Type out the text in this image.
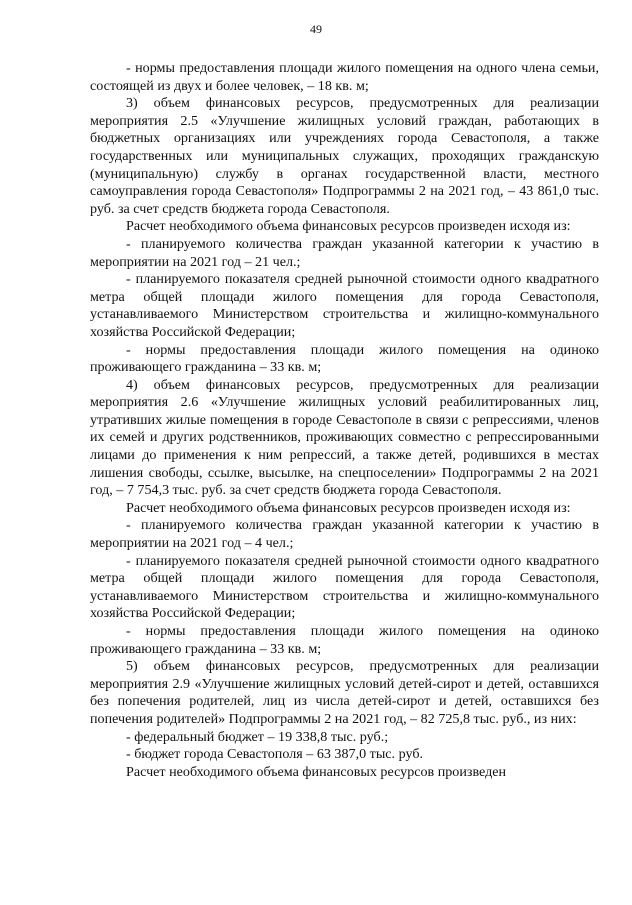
49

- нормы предоставления площади жилого помещения на одного члена семьи, состоящей из двух и более человек, – 18 кв. м;

3) объем финансовых ресурсов, предусмотренных для реализации мероприятия 2.5 «Улучшение жилищных условий граждан, работающих в бюджетных организациях или учреждениях города Севастополя, а также государственных или муниципальных служащих, проходящих гражданскую (муниципальную) службу в органах государственной власти, местного самоуправления города Севастополя» Подпрограммы 2 на 2021 год, – 43 861,0 тыс. руб. за счет средств бюджета города Севастополя.

Расчет необходимого объема финансовых ресурсов произведен исходя из:

- планируемого количества граждан указанной категории к участию в мероприятии на 2021 год – 21 чел.;

- планируемого показателя средней рыночной стоимости одного квадратного метра общей площади жилого помещения для города Севастополя, устанавливаемого Министерством строительства и жилищно-коммунального хозяйства Российской Федерации;

- нормы предоставления площади жилого помещения на одиноко проживающего гражданина – 33 кв. м;

4) объем финансовых ресурсов, предусмотренных для реализации мероприятия 2.6 «Улучшение жилищных условий реабилитированных лиц, утративших жилые помещения в городе Севастополе в связи с репрессиями, членов их семей и других родственников, проживающих совместно с репрессированными лицами до применения к ним репрессий, а также детей, родившихся в местах лишения свободы, ссылке, высылке, на спецпоселении» Подпрограммы 2 на 2021 год, – 7 754,3 тыс. руб. за счет средств бюджета города Севастополя.

Расчет необходимого объема финансовых ресурсов произведен исходя из:

- планируемого количества граждан указанной категории к участию в мероприятии на 2021 год – 4 чел.;

- планируемого показателя средней рыночной стоимости одного квадратного метра общей площади жилого помещения для города Севастополя, устанавливаемого Министерством строительства и жилищно-коммунального хозяйства Российской Федерации;

- нормы предоставления площади жилого помещения на одиноко проживающего гражданина – 33 кв. м;

5) объем финансовых ресурсов, предусмотренных для реализации мероприятия 2.9 «Улучшение жилищных условий детей-сирот и детей, оставшихся без попечения родителей, лиц из числа детей-сирот и детей, оставшихся без попечения родителей» Подпрограммы 2 на 2021 год, – 82 725,8 тыс. руб., из них:

- федеральный бюджет – 19 338,8 тыс. руб.;

- бюджет города Севастополя – 63 387,0 тыс. руб.

Расчет необходимого объема финансовых ресурсов произведен
